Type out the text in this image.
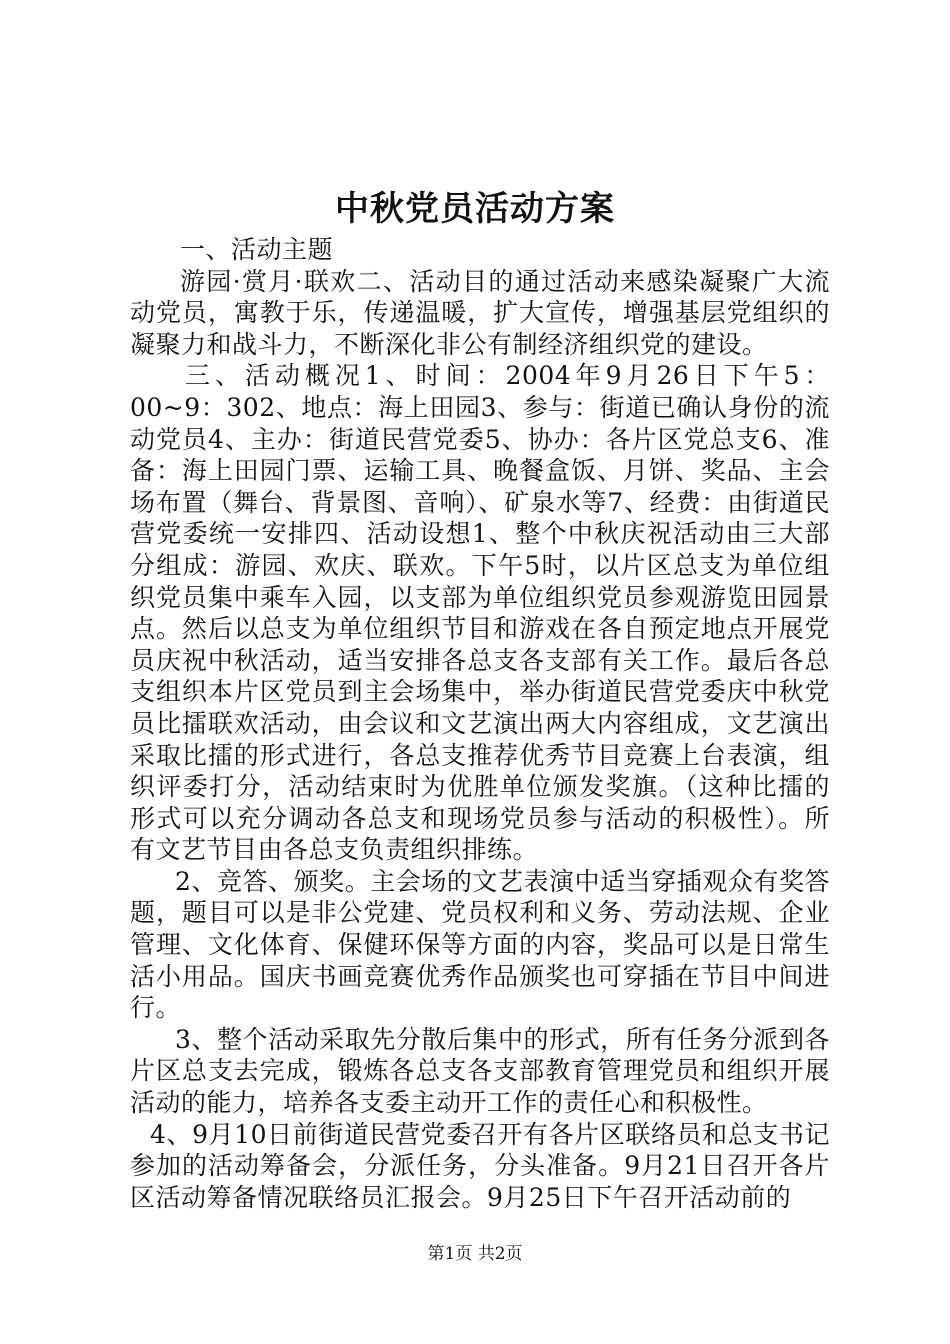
中秋党员活动方案

一、活动主题

游园·赏月·联欢二、活动目的通过活动来感染凝聚广大流动党员，寓教于乐，传递温暖，扩大宣传，增强基层党组织的凝聚力和战斗力，不断深化非公有制经济组织党的建设。

三、活动概况1、时间：2004年9月26日下午5：00~9：302、地点：海上田园3、参与：街道已确认身份的流动党员4、主办：街道民营党委5、协办：各片区党总支6、准备：海上田园门票、运输工具、晚餐盒饭、月饼、奖品、主会场布置（舞台、背景图、音响）、矿泉水等7、经费：由街道民营党委统一安排四、活动设想1、整个中秋庆祝活动由三大部分组成：游园、欢庆、联欢。下午5时，以片区总支为单位组织党员集中乘车入园，以支部为单位组织党员参观游览田园景点。然后以总支为单位组织节目和游戏在各自预定地点开展党员庆祝中秋活动，适当安排各总支各支部有关工作。最后各总支组织本片区党员到主会场集中，举办街道民营党委庆中秋党员比擂联欢活动，由会议和文艺演出两大内容组成，文艺演出采取比擂的形式进行，各总支推荐优秀节目竞赛上台表演，组织评委打分，活动结束时为优胜单位颁发奖旗。（这种比擂的形式可以充分调动各总支和现场党员参与活动的积极性）。所有文艺节目由各总支负责组织排练。

2、竞答、颁奖。主会场的文艺表演中适当穿插观众有奖答题，题目可以是非公党建、党员权利和义务、劳动法规、企业管理、文化体育、保健环保等方面的内容，奖品可以是日常生活小用品。国庆书画竞赛优秀作品颁奖也可穿插在节目中间进行。

3、整个活动采取先分散后集中的形式，所有任务分派到各片区总支去完成，锻炼各总支各支部教育管理党员和组织开展活动的能力，培养各支委主动开工作的责任心和积极性。

4、9月10日前街道民营党委召开有各片区联络员和总支书记参加的活动筹备会，分派任务，分头准备。9月21日召开各片区活动筹备情况联络员汇报会。9月25日下午召开活动前的

第1页 共2页
